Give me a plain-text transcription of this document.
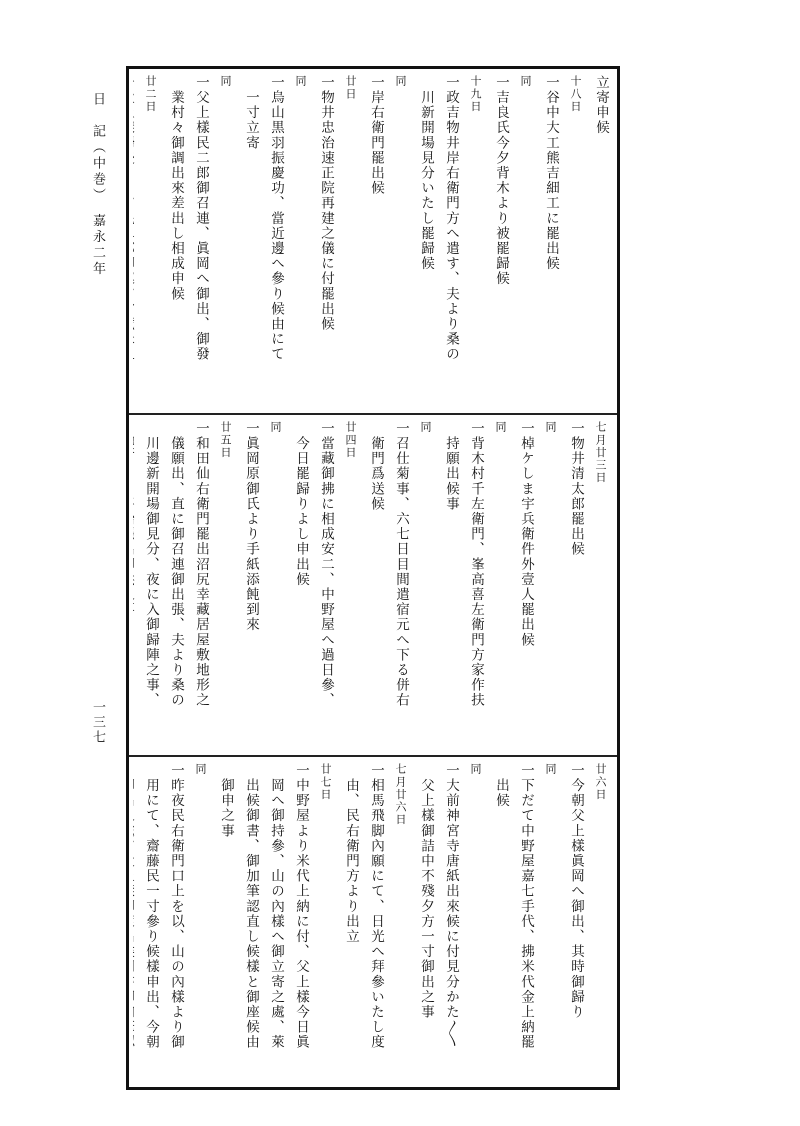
日　記（中巻）　嘉永二年
一三七
立寄申候
十八日
一谷中大工熊吉細工に罷出候
同
一吉良氏今夕背木より被罷歸候
十九日
一政吉物井岸右衛門方へ遣す、夫より桑の
　川新開場見分いたし罷歸候
同
一岸右衛門罷出候
廿日
一物井忠治速正院再建之儀に付罷出候
同
一烏山黒羽振慶功、當近邊へ參り候由にて
　一寸立寄
同
一父上樣民二郎御召連、眞岡へ御出、御發
　業村々御調出來差出し相成申候
廿二日
七月廿三日
一物井清太郎罷出候
同
一棹ケしま宇兵衛件外壹人罷出候
同
一背木村千左衛門、峯高喜左衛門方家作扶
　持願出候事
同
一召仕菊事、六七日目間遣宿元へ下る併右
　衛門爲送候
廿四日
一當藏御拂に相成安二、中野屋へ過日參、
　今日罷歸りよし申出候
同
一眞岡原御氏より手紙添飩到來
廿五日
一和田仙右衛門罷出沼尻幸藏居屋敷地形之
　儀願出、直に御召連御出張、夫より桑の
　川邊新開場御見分、夜に入御歸陣之事、
廿六日
一今朝父上樣眞岡へ御出、其時御歸り
同
一下だて中野屋嘉七手代、拂米代金上納罷
　出候
同
一大前神宮寺唐紙出來候に付見分かた〳〵
　父上樣御詰中不殘夕方一寸御出之事
七月廿六日
一相馬飛脚內願にて、日光へ拜參いたし度
　由、民右衛門方より出立
廿七日
一中野屋より米代上納に付、父上樣今日眞
　岡へ御持參、山の內樣へ御立寄之處、萊
　出候御書、御加筆認直し候樣と御座候由
　御申之事
同
一昨夜民右衛門口上を以、山の內樣より御
　用にて、齋藤民一寸參り候樣申出、今朝
